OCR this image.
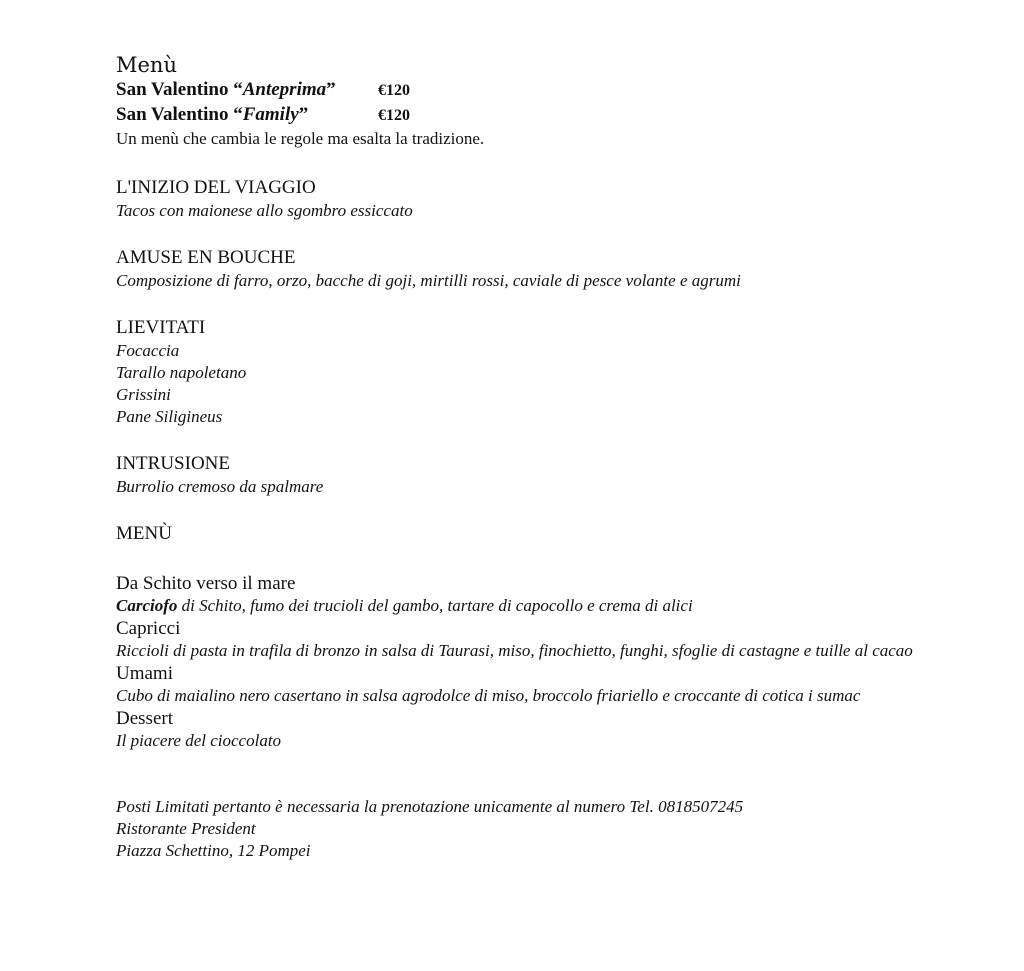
Menù

San Valentino “Anteprima”	€120

San Valentino “Family”	€120

Un menù che cambia le regole ma esalta la tradizione.

L'INIZIO DEL VIAGGIO

Tacos con maionese allo sgombro essiccato

AMUSE EN BOUCHE

Composizione di farro, orzo, bacche di goji, mirtilli rossi, caviale di pesce volante e agrumi

LIEVITATI

Focaccia

Tarallo napoletano

Grissini

Pane Siligineus

INTRUSIONE

Burrolio cremoso da spalmare

MENÙ

Da Schito verso il mare

Carciofo di Schito, fumo dei trucioli del gambo, tartare di capocollo e crema di alici

Capricci

Riccioli di pasta in trafila di bronzo in salsa di Taurasi, miso, finochietto, funghi, sfoglie di castagne e tuille al cacao

Umami

Cubo di maialino nero casertano in salsa agrodolce di miso, broccolo friariello e croccante di cotica i sumac

Dessert

Il piacere del cioccolato

Posti Limitati pertanto è necessaria la prenotazione unicamente al numero Tel. 0818507245

Ristorante President

Piazza Schettino, 12 Pompei
